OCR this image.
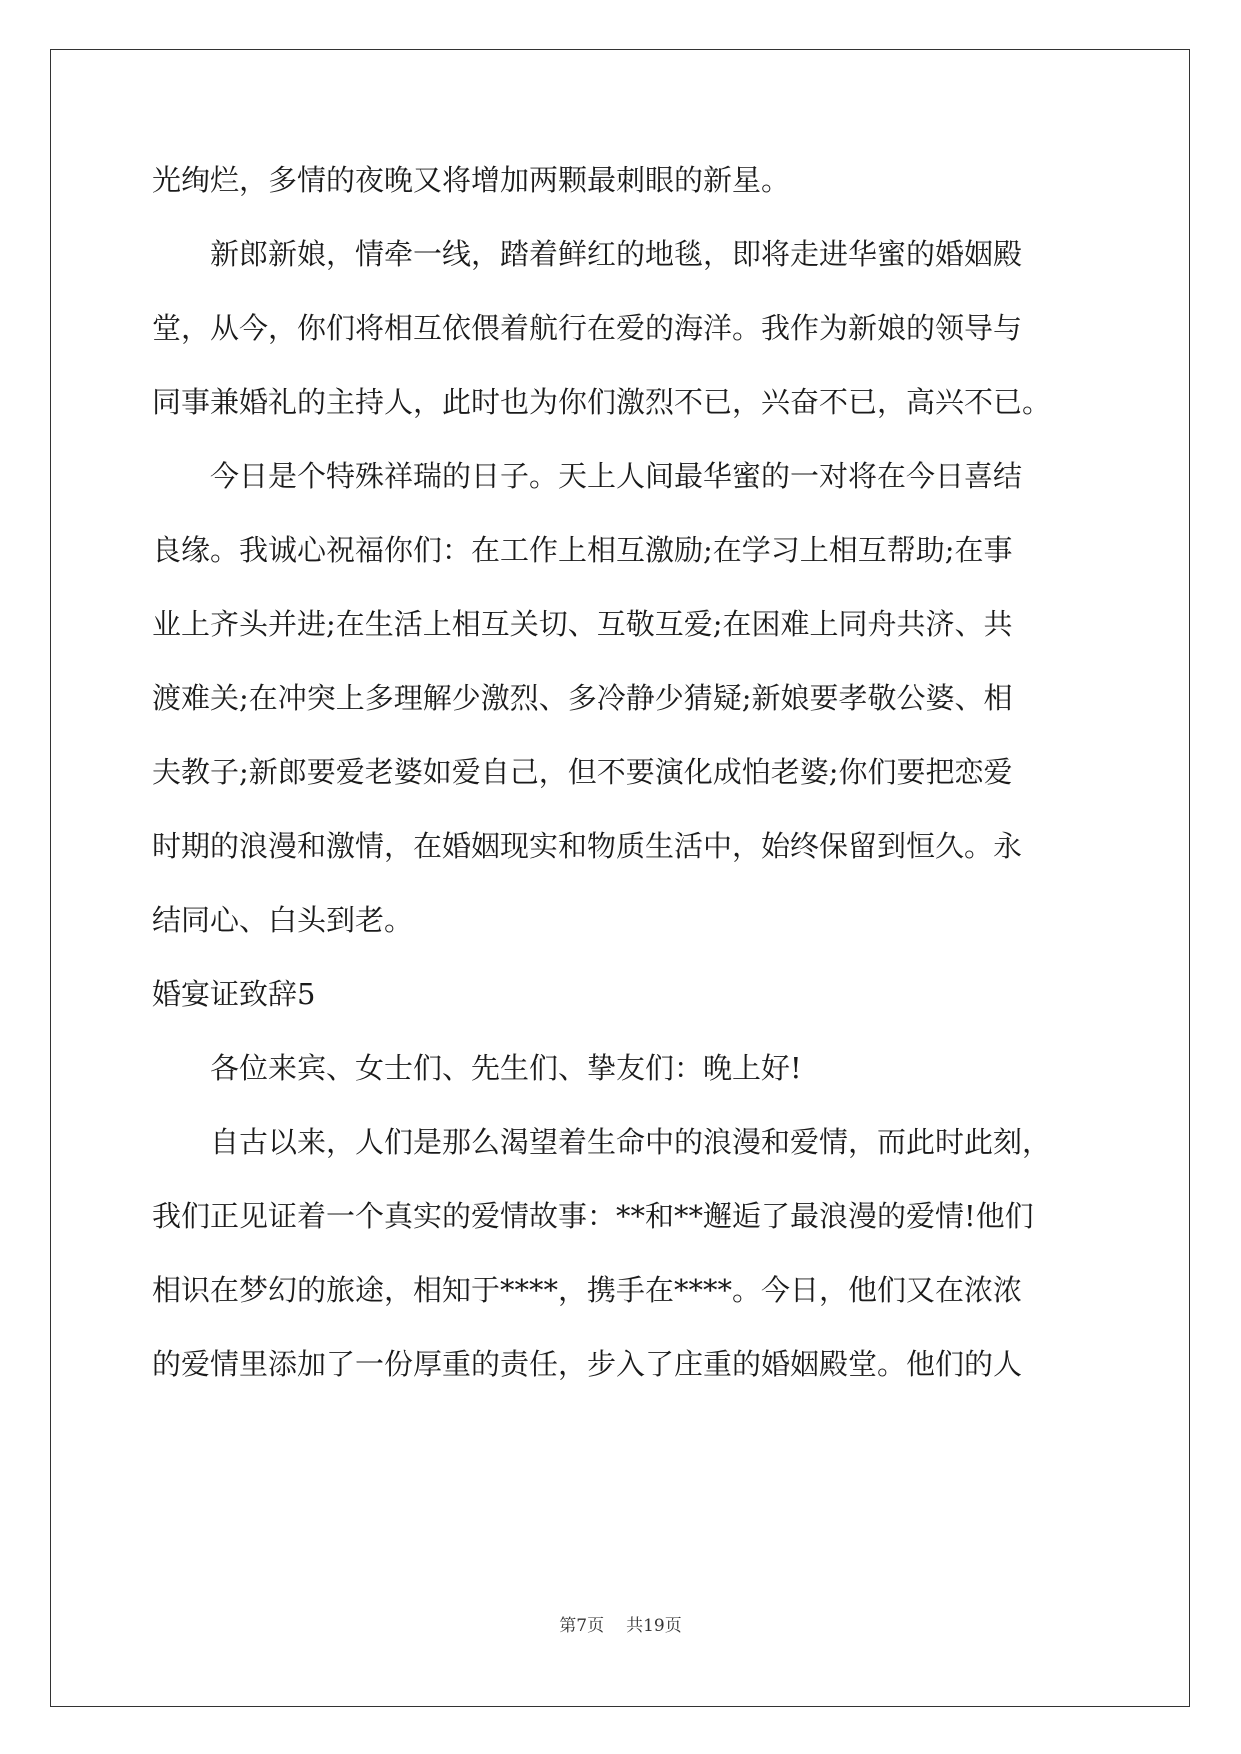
光绚烂，多情的夜晚又将增加两颗最刺眼的新星。
新郎新娘，情牵一线，踏着鲜红的地毯，即将走进华蜜的婚姻殿
堂，从今，你们将相互依偎着航行在爱的海洋。我作为新娘的领导与
同事兼婚礼的主持人，此时也为你们激烈不已，兴奋不已，高兴不已。
今日是个特殊祥瑞的日子。天上人间最华蜜的一对将在今日喜结
良缘。我诚心祝福你们：在工作上相互激励;在学习上相互帮助;在事
业上齐头并进;在生活上相互关切、互敬互爱;在困难上同舟共济、共
渡难关;在冲突上多理解少激烈、多冷静少猜疑;新娘要孝敬公婆、相
夫教子;新郎要爱老婆如爱自己，但不要演化成怕老婆;你们要把恋爱
时期的浪漫和激情，在婚姻现实和物质生活中，始终保留到恒久。永
结同心、白头到老。
婚宴证致辞5
各位来宾、女士们、先生们、挚友们：晚上好!
自古以来，人们是那么渴望着生命中的浪漫和爱情，而此时此刻，
我们正见证着一个真实的爱情故事：**和**邂逅了最浪漫的爱情!他们
相识在梦幻的旅途，相知于****，携手在****。今日，他们又在浓浓
的爱情里添加了一份厚重的责任，步入了庄重的婚姻殿堂。他们的人
第7页 共19页
